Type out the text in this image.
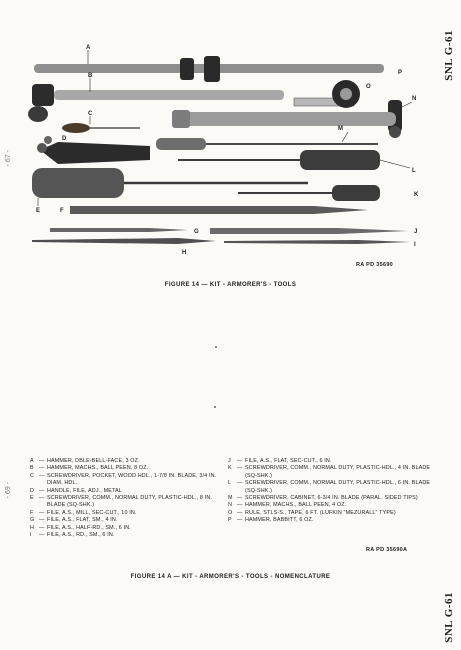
SNL G-61
SNL G-61
- 67 -
- 69 -
A
B
C
D
E	F
G
H
I
J
K
L
M
N
O
P
RA PD 35690
FIGURE 14 — KIT - ARMORER'S - TOOLS
A — HAMMER, DBLE-BELL-FACE, 3 OZ.
B — HAMMER, MACHS., BALL PEEN, 8 OZ.
C — SCREWDRIVER, POCKET, WOOD HDL., 1-7/8 IN. BLADE, 3/4 IN. DIAM. HDL.
D — HANDLE, FILE, ADJ., METAL
E — SCREWDRIVER, COMM., NORMAL DUTY, PLASTIC-HDL., 8 IN. BLADE (SQ-SHK.)
F	— FILE, A.S., MILL, SEC-CUT., 10 IN.
G — FILE, A.S., FLAT, SM., 4 IN.
H — FILE, A.S., HALF-RD., SM., 6 IN.
I	— FILE, A.S., RD., SM., 6 IN.
J	— FILE, A.S., FLAT, SEC-CUT., 6 IN.
K — SCREWDRIVER, COMM., NORMAL DUTY, PLASTIC-HDL., 4 IN. BLADE (SQ-SHK.)
L	— SCREWDRIVER, COMM., NORMAL DUTY, PLASTIC-HDL., 6 IN. BLADE (SQ-SHK.)
M — SCREWDRIVER, CABINET, 6-3/4 IN. BLADE (PARAL. SIDED TIPS)
N — HAMMER, MACHS., BALL PEEN, 4 OZ.
O — RULE, STLS-S., TAPE, 6 FT. (LUFKIN "MEZURALL" TYPE)
P — HAMMER, BABBITT, 6 OZ.
RA PD 35690A
FIGURE 14 A — KIT - ARMORER'S - TOOLS - NOMENCLATURE
